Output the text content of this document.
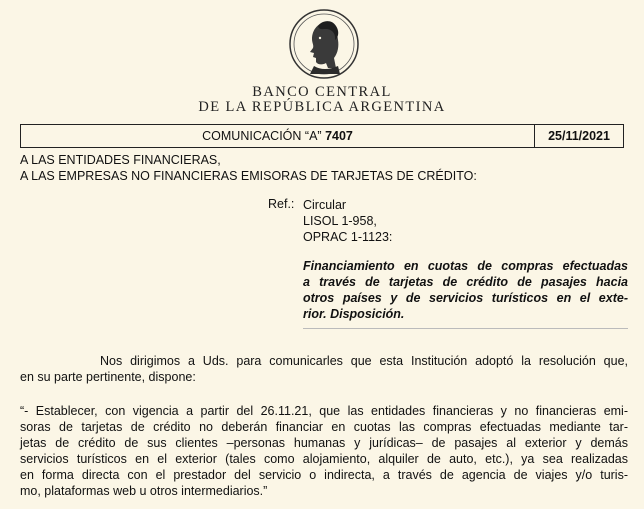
BANCO CENTRAL
DE LA REPÚBLICA ARGENTINA
COMUNICACIÓN “A” 7407	25/11/2021
A LAS ENTIDADES FINANCIERAS,
A LAS EMPRESAS NO FINANCIERAS EMISORAS DE TARJETAS DE CRÉDITO:
Ref.: Circular
LISOL 1-958,
OPRAC 1-1123:
Financiamiento en cuotas de compras efectuadas
a través de tarjetas de crédito de pasajes hacia
otros países y de servicios turísticos en el exte-
rior. Disposición.
Nos dirigimos a Uds. para comunicarles que esta Institución adoptó la resolución que,
en su parte pertinente, dispone:
“- Establecer, con vigencia a partir del 26.11.21, que las entidades financieras y no financieras emi-
soras de tarjetas de crédito no deberán financiar en cuotas las compras efectuadas mediante tar-
jetas de crédito de sus clientes –personas humanas y jurídicas– de pasajes al exterior y demás
servicios turísticos en el exterior (tales como alojamiento, alquiler de auto, etc.), ya sea realizadas
en forma directa con el prestador del servicio o indirecta, a través de agencia de viajes y/o turis-
mo, plataformas web u otros intermediarios.”
